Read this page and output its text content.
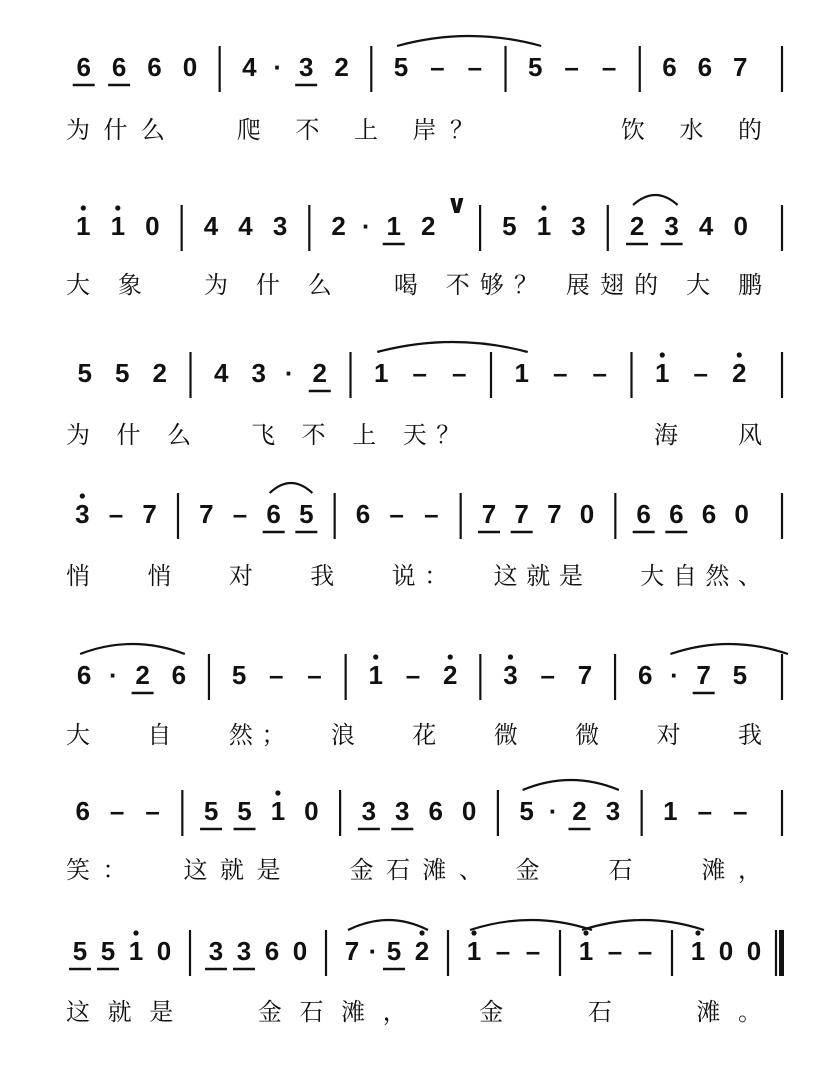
6 6 6 0 4 · 3 2 5 – – 5 – – 6 6 7
为什么　 爬 不 上 岸？　　　 饮 水 的
1 1 0 4 4 3 2 · 1 2
∨
5 1 3 2 3 4 0
大 象　 为 什 么　 喝 不够？ 展翅的 大 鹏
5 5 2 4 3 · 2 1 – – 1 – – 1 – 2
为 什 么　 飞 不 上 天？　　　　　 海　 风
3 – 7 7 – 6 5 6 – – 7 7 7 0 6 6 6 0
悄　 悄　 对　 我　 说：　 这就是　 大自然、
6 · 2 6 5 – – 1 – 2 3 – 7 6 · 7 5
大　 自　 然；　 浪　 花　 微　 微　 对　 我
6 – – 5 5 1 0 3 3 6 0 5 · 2 3 1 – –
笑：　 这就是　 金石滩、 金　 石　 滩，
5 5 1 0 3 3 6 0 7 · 5 2 1 – – 1 – – 1 0 0
这就是　 金石滩，　 金　 石　 滩。
